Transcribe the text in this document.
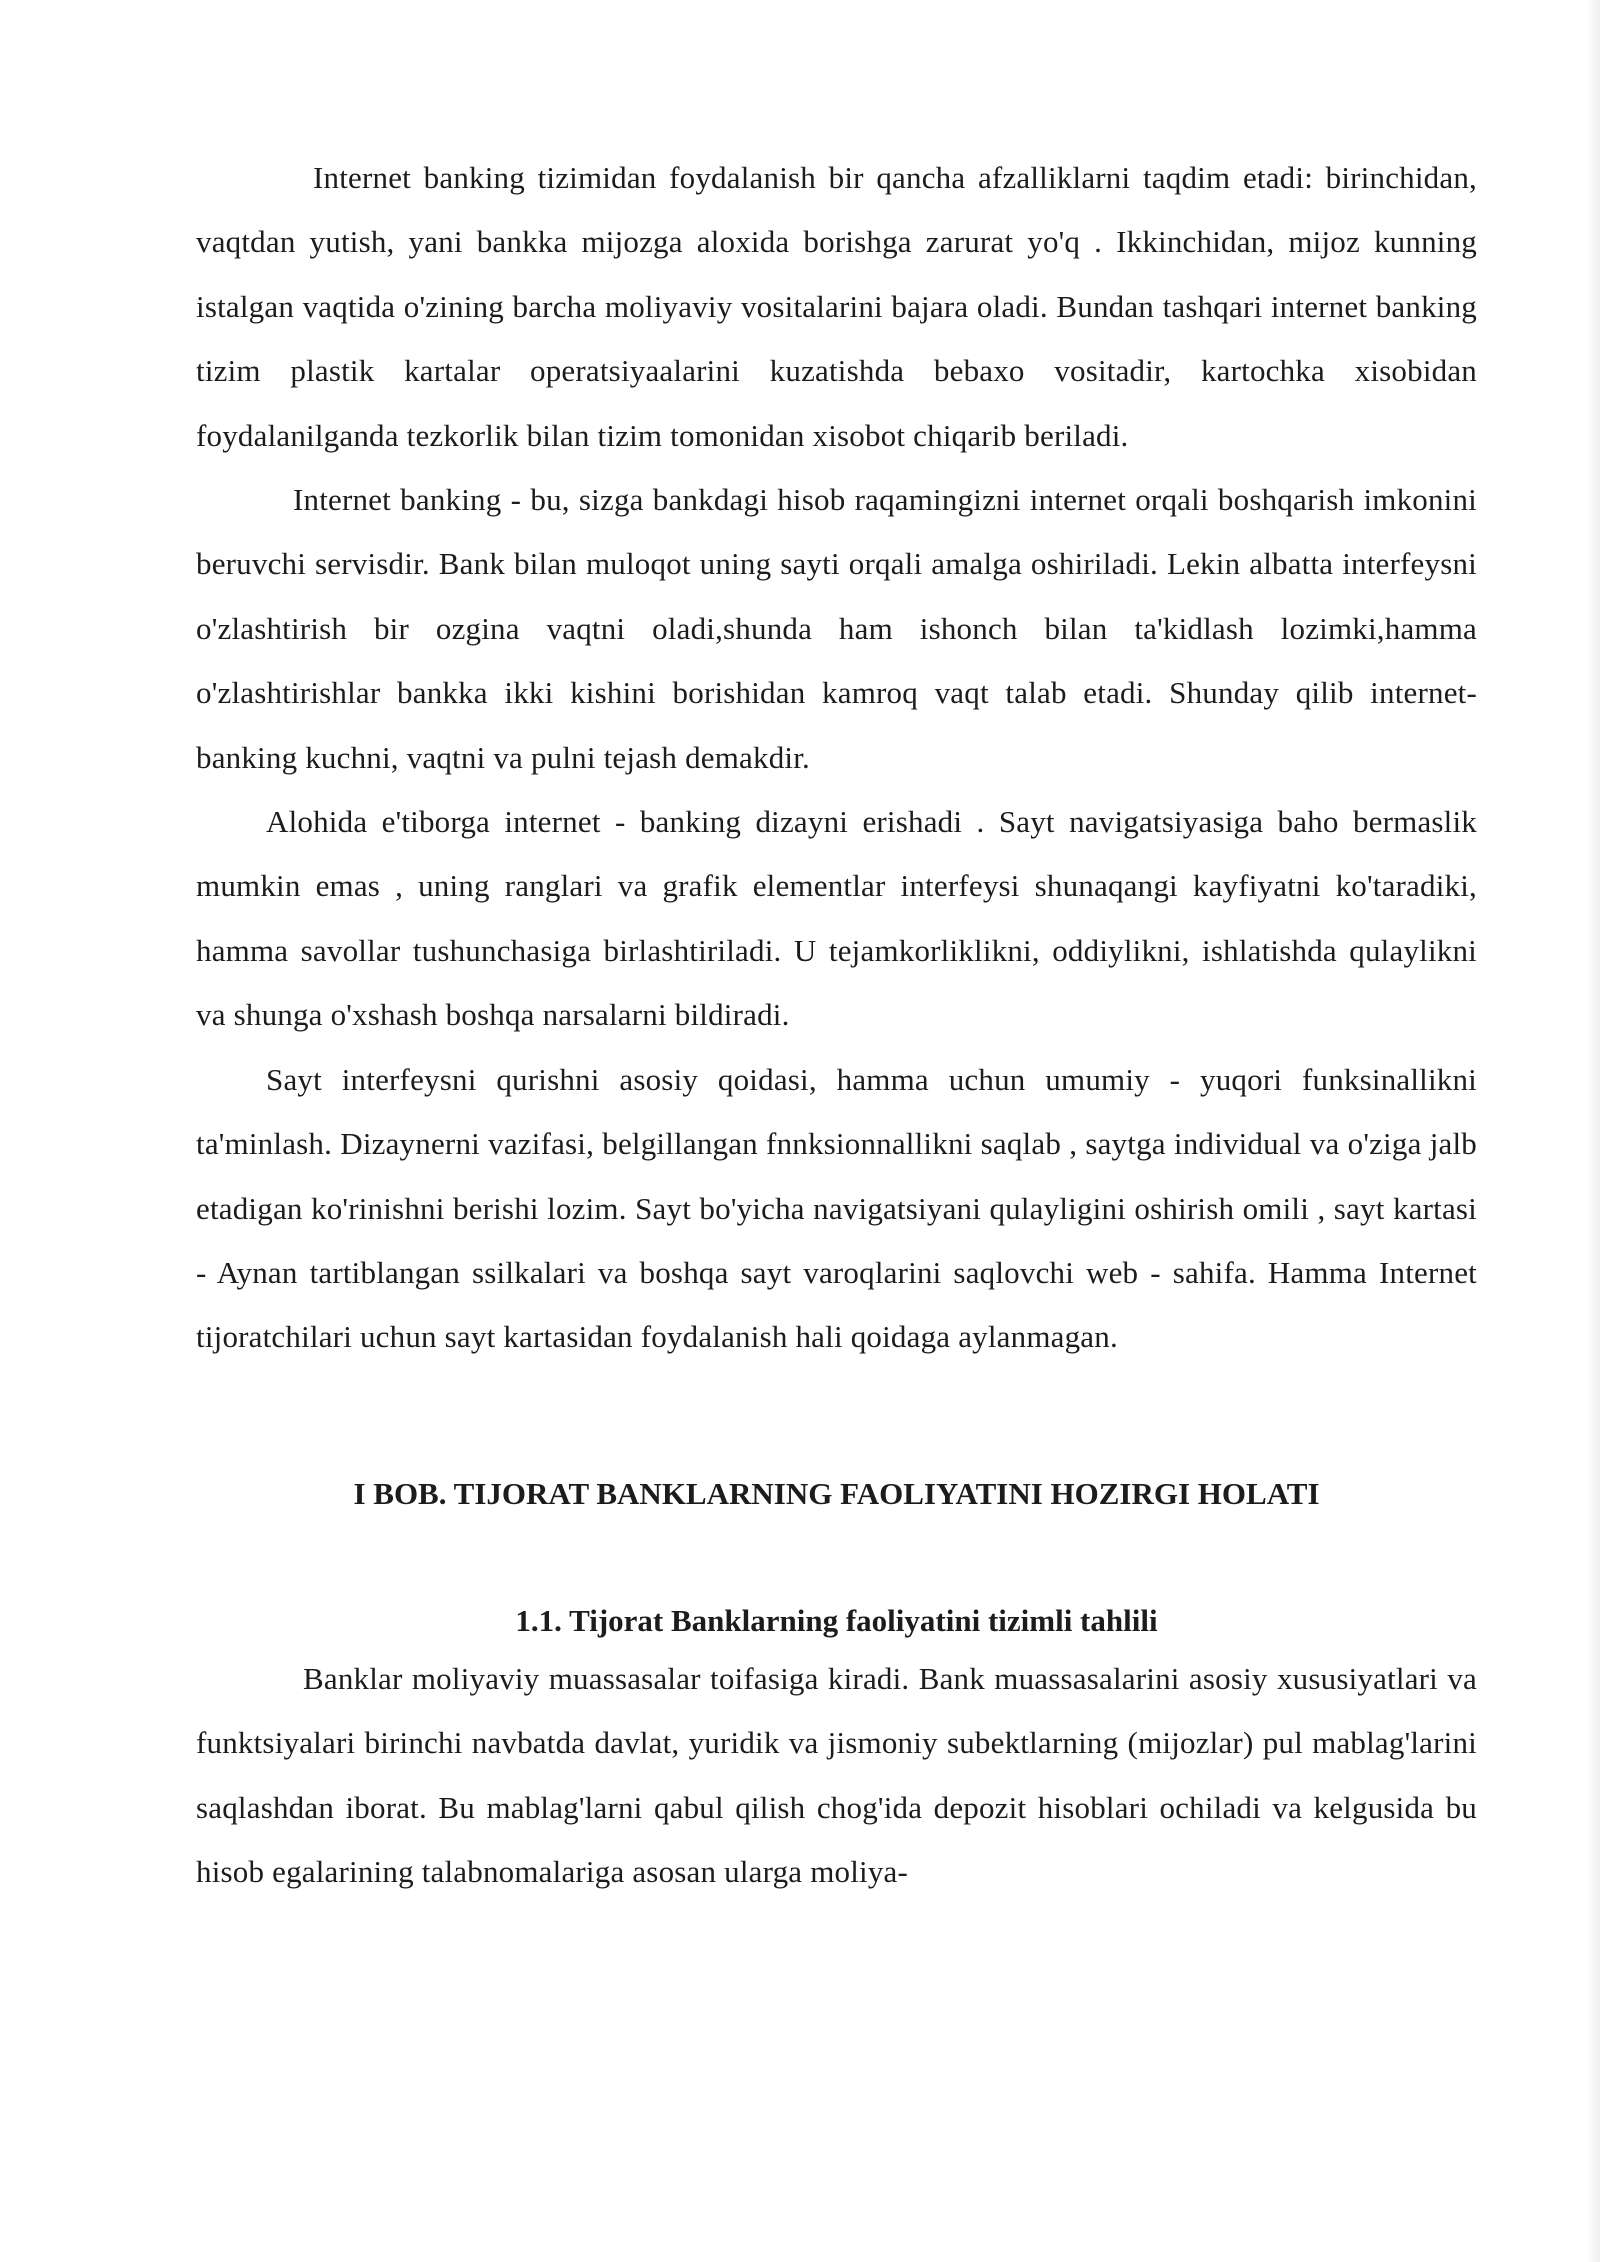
Internet banking tizimidan foydalanish bir qancha afzalliklarni taqdim etadi: birinchidan, vaqtdan yutish, yani bankka mijozga aloxida borishga zarurat yo'q . Ikkinchidan, mijoz kunning istalgan vaqtida o'zining barcha moliyaviy vositalarini bajara oladi. Bundan tashqari internet banking tizim plastik kartalar operatsiyaalarini kuzatishda bebaxo vositadir, kartochka xisobidan foydalanilganda tezkorlik bilan tizim tomonidan xisobot chiqarib beriladi.

Internet banking - bu, sizga bankdagi hisob raqamingizni internet orqali boshqarish imkonini beruvchi servisdir. Bank bilan muloqot uning sayti orqali amalga oshiriladi. Lekin albatta interfeysni o'zlashtirish bir ozgina vaqtni oladi,shunda ham ishonch bilan ta'kidlash lozimki,hamma o'zlashtirishlar bankka ikki kishini borishidan kamroq vaqt talab etadi. Shunday qilib internet-banking kuchni, vaqtni va pulni tejash demakdir.

Alohida e'tiborga internet - banking dizayni erishadi . Sayt navigatsiyasiga baho bermaslik mumkin emas , uning ranglari va grafik elementlar interfeysi shunaqangi kayfiyatni ko'taradiki, hamma savollar tushunchasiga birlashtiriladi. U tejamkorliklikni, oddiylikni, ishlatishda qulaylikni va shunga o'xshash boshqa narsalarni bildiradi.

Sayt interfeysni qurishni asosiy qoidasi, hamma uchun umumiy - yuqori funksinallikni ta'minlash. Dizaynerni vazifasi, belgillangan fnnksionnallikni saqlab , saytga individual va o'ziga jalb etadigan ko'rinishni berishi lozim. Sayt bo'yicha navigatsiyani qulayligini oshirish omili , sayt kartasi - Aynan tartiblangan ssilkalari va boshqa sayt varoqlarini saqlovchi web - sahifa. Hamma Internet tijoratchilari uchun sayt kartasidan foydalanish hali qoidaga aylanmagan.

I BOB. TIJORAT BANKLARNING FAOLIYATINI HOZIRGI HOLATI
1.1. Tijorat Banklarning faoliyatini tizimli tahlili

Banklar moliyaviy muassasalar toifasiga kiradi. Bank muassasalarini asosiy xususiyatlari va funktsiyalari birinchi navbatda davlat, yuridik va jismoniy subektlarning (mijozlar) pul mablag'larini saqlashdan iborat. Bu mablag'larni qabul qilish chog'ida depozit hisoblari ochiladi va kelgusida bu hisob egalarining talabnomalariga asosan ularga moliya-
